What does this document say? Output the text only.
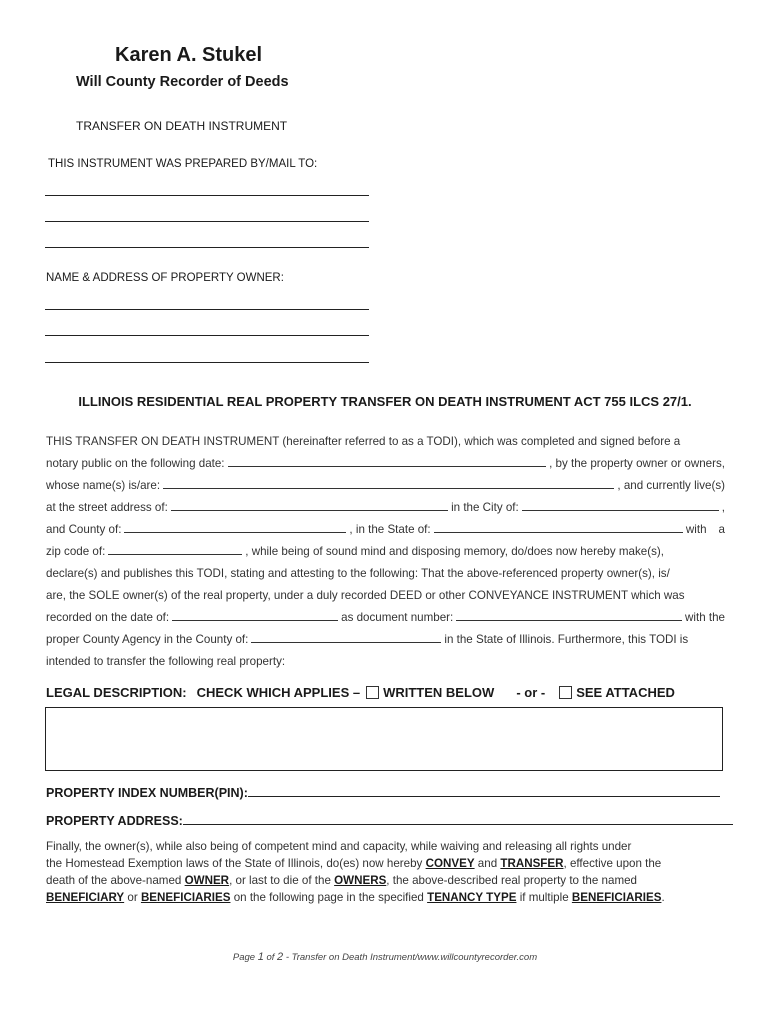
Karen A. Stukel
Will County Recorder of Deeds
TRANSFER ON DEATH INSTRUMENT
THIS INSTRUMENT WAS PREPARED BY/MAIL TO:
NAME & ADDRESS OF PROPERTY OWNER:
ILLINOIS RESIDENTIAL REAL PROPERTY TRANSFER ON DEATH INSTRUMENT ACT 755 ILCS 27/1.
THIS TRANSFER ON DEATH INSTRUMENT (hereinafter referred to as a TODI), which was completed and signed before a
notary public on the following date:	, by the property owner or owners,
whose name(s) is/are:	, and currently live(s)
at the street address of:	in the City of:	,
and County of:	, in the State of:	with a
zip code of:	, while being of sound mind and disposing memory, do/does now hereby make(s),
declare(s) and publishes this TODI, stating and attesting to the following: That the above-referenced property owner(s), is/
are, the SOLE owner(s) of the real property, under a duly recorded DEED or other CONVEYANCE INSTRUMENT which was
recorded on the date of:	as document number:	with the
proper County Agency in the County of:	in the State of Illinois. Furthermore, this TODI is
intended to transfer the following real property:
LEGAL DESCRIPTION: CHECK WHICH APPLIES – WRITTEN BELOW - or - SEE ATTACHED
PROPERTY INDEX NUMBER(PIN):
PROPERTY ADDRESS:
Finally, the owner(s), while also being of competent mind and capacity, while waiving and releasing all rights under
the Homestead Exemption laws of the State of Illinois, do(es) now hereby CONVEY and TRANSFER, effective upon the
death of the above-named OWNER, or last to die of the OWNERS, the above-described real property to the named
BENEFICIARY or BENEFICIARIES on the following page in the specified TENANCY TYPE if multiple BENEFICIARIES.
Page 1 of 2 - Transfer on Death Instrument/www.willcountyrecorder.com
